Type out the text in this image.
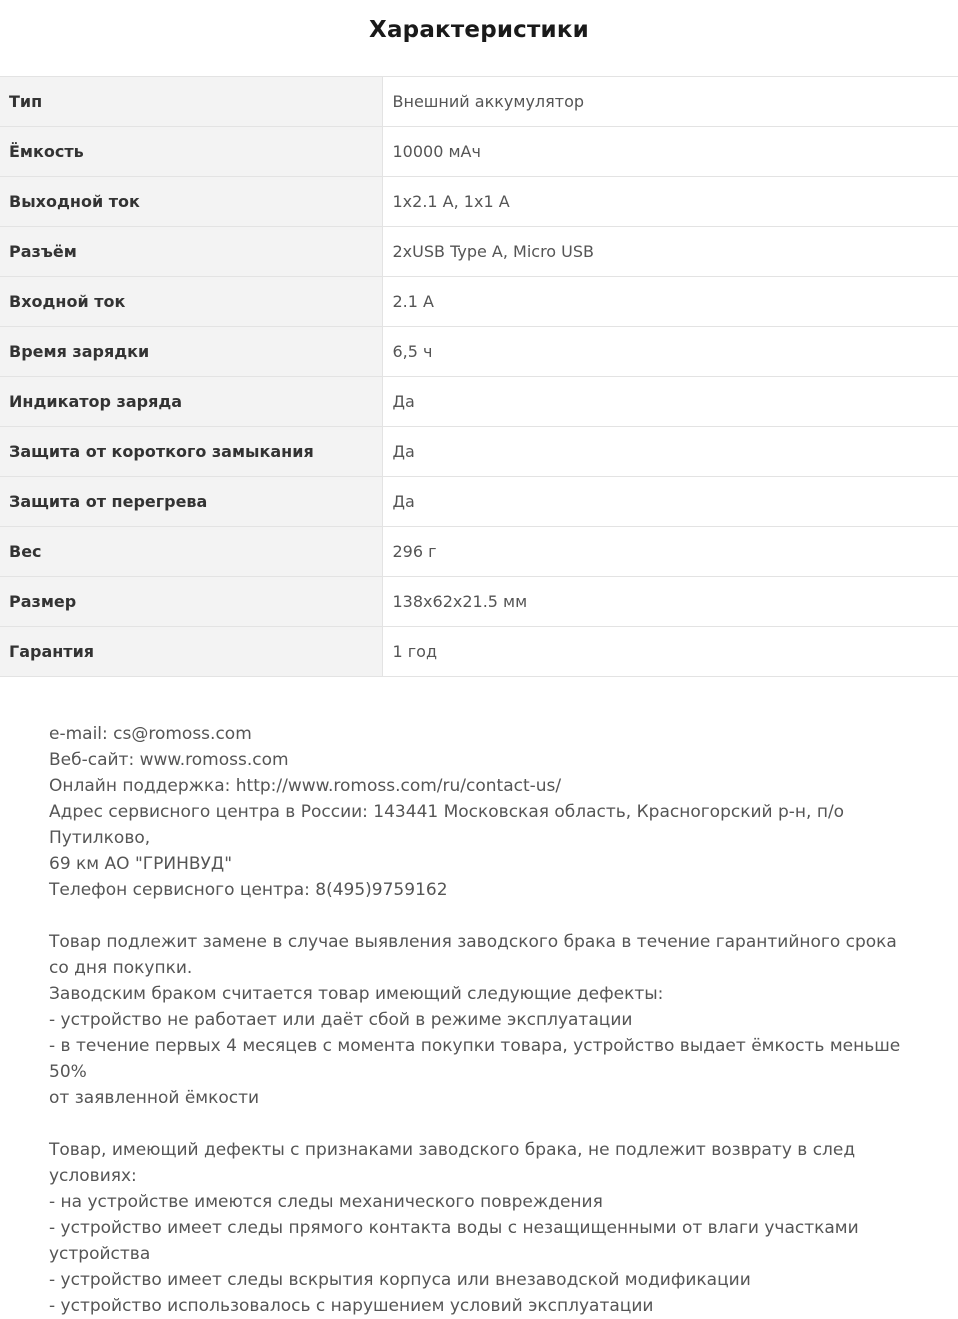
Характеристики
Тип	Внешний аккумулятор
Ёмкость	10000 мАч
Выходной ток	1x2.1 А, 1x1 А
Разъём	2xUSB Type A, Micro USB
Входной ток	2.1 А
Время зарядки	6,5 ч
Индикатор заряда	Да
Защита от короткого замыкания	Да
Защита от перегрева	Да
Вес	296 г
Размер	138x62x21.5 мм
Гарантия	1 год

e-mail: cs@romoss.com

Веб-сайт: www.romoss.com

Онлайн поддержка: http://www.romoss.com/ru/contact-us/

Адрес сервисного центра в России: 143441 Московская область, Красногорский р-н, п/о Путилково,

69 км АО "ГРИНВУД"

Телефон сервисного центра: 8(495)9759162

Товар подлежит замене в случае выявления заводского брака в течение гарантийного срока

со дня покупки.

Заводским браком считается товар имеющий следующие дефекты:

- устройство не работает или даёт сбой в режиме эксплуатации

- в течение первых 4 месяцев с момента покупки товара, устройство выдает ёмкость меньше 50%

от заявленной ёмкости

Товар, имеющий дефекты с признаками заводского брака, не подлежит возврату в след условиях:

- на устройстве имеются следы механического повреждения

- устройство имеет следы прямого контакта воды с незащищенными от влаги участками

устройства

- устройство имеет следы вскрытия корпуса или внезаводской модификации

- устройство использовалось с нарушением условий эксплуатации
